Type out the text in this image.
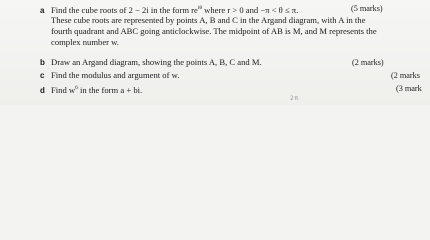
a Find the cube roots of 2 − 2i in the form $re^{i\theta}$ where r > 0 and −π < θ ≤ π.	(5 marks)
These cube roots are represented by points A, B and C in the Argand diagram, with A in the
fourth quadrant and ABC going anticlockwise. The midpoint of AB is M, and M represents the
complex number w.
b Draw an Argand diagram, showing the points A, B, C and M.	(2 marks)
c Find the modulus and argument of w.	(2 marks
d Find $w^6$ in the form a + bi.	(3 mark
2π
